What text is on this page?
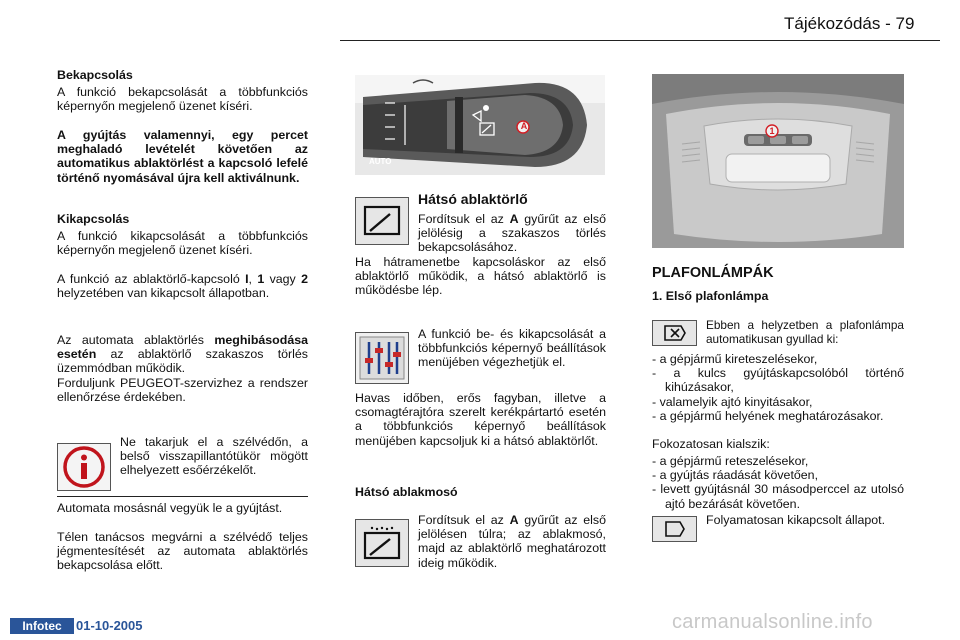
Tájékozódás - 79
Bekapcsolás
A funkció bekapcsolását a többfunkciós képernyőn megjelenő üzenet kíséri.
A gyújtás valamennyi, egy percet meghaladó levételét követően az automatikus ablaktörlést a kapcsoló lefelé történő nyomásával újra kell aktiválnunk.
Kikapcsolás
A funkció kikapcsolását a többfunkciós képernyőn megjelenő üzenet kíséri.
A funkció az ablaktörlő-kapcsoló I, 1 vagy 2 helyzetében van kikapcsolt állapotban.
Az automata ablaktörlés meghibásodása esetén az ablaktörlő szakaszos törlés üzemmódban működik.
Forduljunk PEUGEOT-szervizhez a rendszer ellenőrzése érdekében.
Ne takarjuk el a szélvédőn, a belső visszapillantótükör mögött elhelyezett esőérzékelőt.
Automata mosásnál vegyük le a gyújtást.
Télen tanácsos megvárni a szélvédő teljes jégmentesítését az automata ablaktörlés bekapcsolása előtt.
A
AUTO
Hátsó ablaktörlő
Fordítsuk el az A gyűrűt az első jelölésig a szakaszos törlés bekapcsolásához.
Ha hátramenetbe kapcsoláskor az első ablaktörlő működik, a hátsó ablaktörlő is működésbe lép.
A funkció be- és kikapcsolását a többfunkciós képernyő beállítások menüjében végezhetjük el.
Havas időben, erős fagyban, illetve a csomagtérajtóra szerelt kerékpártartó esetén a többfunkciós képernyő beállítások menüjében kapcsoljuk ki a hátsó ablaktörlőt.
Hátsó ablakmosó
Fordítsuk el az A gyűrűt az első jelölésen túlra; az ablakmosó, majd az ablaktörlő meghatározott ideig működik.
1
PLAFONLÁMPÁK
1. Első plafonlámpa
Ebben a helyzetben a plafonlámpa automatikusan gyullad ki:
- a gépjármű kireteszelésekor,
- a kulcs gyújtáskapcsolóból történő kihúzásakor,
- valamelyik ajtó kinyitásakor,
- a gépjármű helyének meghatározásakor.
Fokozatosan kialszik:
- a gépjármű reteszelésekor,
- a gyújtás ráadását követően,
- levett gyújtásnál 30 másodperccel az utolsó ajtó bezárását követően.
Folyamatosan kikapcsolt állapot.
Infotec	01-10-2005	carmanualsonline.info
